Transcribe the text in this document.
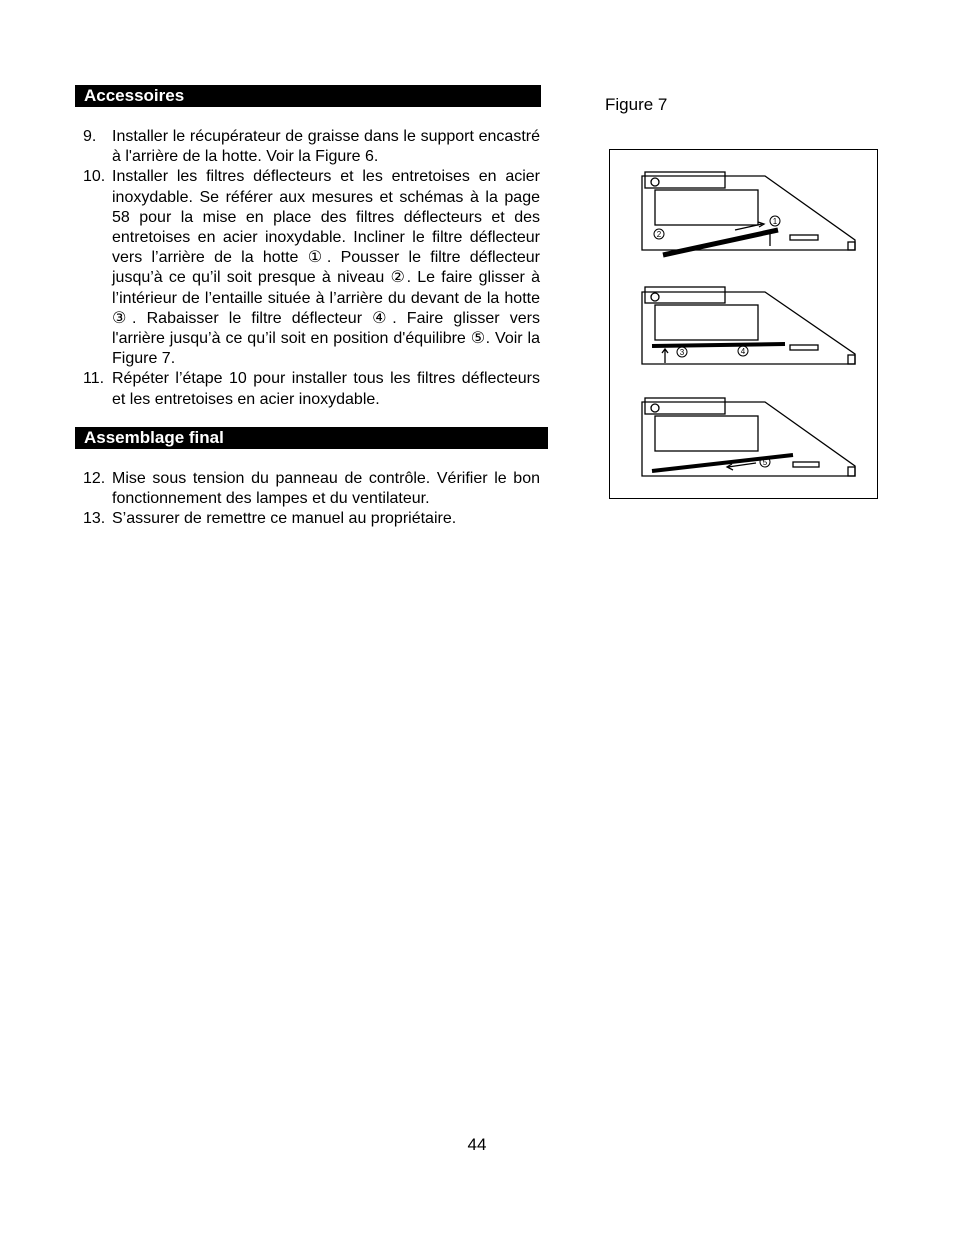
Accessoires
9. Installer le récupérateur de graisse dans le support encastré à l'arrière de la hotte. Voir la Figure 6.
10. Installer les filtres déflecteurs et les entretoises en acier inoxydable. Se référer aux mesures et schémas à la page 58 pour la mise en place des filtres déflecteurs et des entretoises en acier inoxydable. Incliner le filtre déflecteur vers l’arrière de la hotte ①. Pousser le filtre déflecteur jusqu’à ce qu’il soit presque à niveau ②. Le faire glisser à l’intérieur de l’entaille située à l’arrière du devant de la hotte ③. Rabaisser le filtre déflecteur ④. Faire glisser vers l'arrière jusqu’à ce qu’il soit en position d'équilibre ⑤. Voir la Figure 7.
11. Répéter l’étape 10 pour installer tous les filtres déflecteurs et les entretoises en acier inoxydable.
Assemblage final
12. Mise sous tension du panneau de contrôle. Vérifier le bon fonctionnement des lampes et du ventilateur.
13. S’assurer de remettre ce manuel au propriétaire.
Figure 7
1
2
3	4
5
44
